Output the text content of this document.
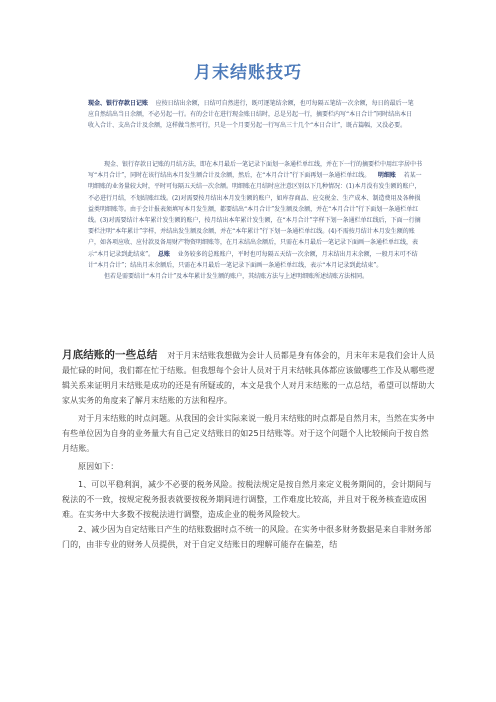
月末结账技巧

现金、银行存款日记账 应按日结出余额，日结可自然进行，既可逐笔结余额，也可每隔五笔结一次余额，每日的最后一笔应自然结出当日余额，不必另起一行。有的会计在进行现金账日结时，总是另起一行，摘要栏内写“本日合计”同时结出本日收入合计、支出合计及余额，这样做当然可行，只是一个月要另起一行写出三十几个“本日合计”，既占篇幅，又没必要。

现金、银行存款日记账的月结方法，即在本月最后一笔记录下面划一条通栏单红线，并在下一行的摘要栏中用红字居中书写“本月合计”，同时在该行结出本月发生额合计及余额，然后，在“本月合计”行下面再划一条通栏单红线。 明细账 若某一明细账的业务量较大时，平时可每隔五天结一次余额。明细账在月结时应注意区别以下几种情况：(1)本月没有发生额的账户，不必进行月结，不划结账红线。(2)对需要按月结出本月发生额的账户，如库存商品、应交税金、生产成本、制造费用及各种损益类明细账等。由于会计报表须填写本月发生额，都要结出“本月合计”发生额及余额，并在“本月合计”行下面划一条通栏单红线。(3)对需要结计本年累计发生额的账户，按月结出本年累计发生额，在“本月合计”字样下划一条通栏单红线后，下面一行摘要栏注明“本年累计”字样，并结出发生额及余额，并在“本年累计”行下划一条通栏单红线。(4)不需按月结计本月发生额的账户，如各项应收、应付款及备用财产物资明细账等，在月末结出余额后，只需在本月最后一笔记录下面画一条通栏单红线，表示“本月记录到此结束”。 总账 业务较多的总账账户，平时也可每隔五天结一次余额，月末结出月末余额，一般月末可不结计“本月合计”；结出月末余额后，只需在本月最后一笔记录下面画一条通栏单红线，表示“本月记录到此结束”。

但若是需要结计“本月合计”及本年累计发生额的账户，其结账方法与上述明细账所述结账方法相同。

月底结账的一些总结 对于月末结账我想做为会计人员都是身有体会的，月末年末是我们会计人员最忙碌的时间，我们都在忙于结账。但我想每个会计人员对于月末结帐具体都应该做哪些工作及从哪些逻辑关系来证明月末结账是成功的还是有所疑或的，本文是我个人对月末结账的一点总结，希望可以帮助大家从实务的角度来了解月末结账的方法和程序。

对于月末结账的时点问题。从我国的会计实际来说一般月末结账的时点都是自然月末，当然在实务中有些单位因为自身的业务量大有自己定义结账日的如25日结账等。对于这个问题个人比较倾向于按自然月结账。

原因如下：

1、可以平稳利润，减少不必要的税务风险。按税法规定是按自然月来定义税务期间的，会计期间与税法的不一致，按规定税务报表就要按税务期间进行调整，工作难度比较高，并且对于税务核查造成困难。在实务中大多数不按税法进行调整，造成企业的税务风险较大。

2、减少因为自定结账日产生的结账数据时点不统一的风险。在实务中很多财务数据是来自非财务部门的，由非专业的财务人员提供，对于自定义结账日的理解可能存在偏差，结
